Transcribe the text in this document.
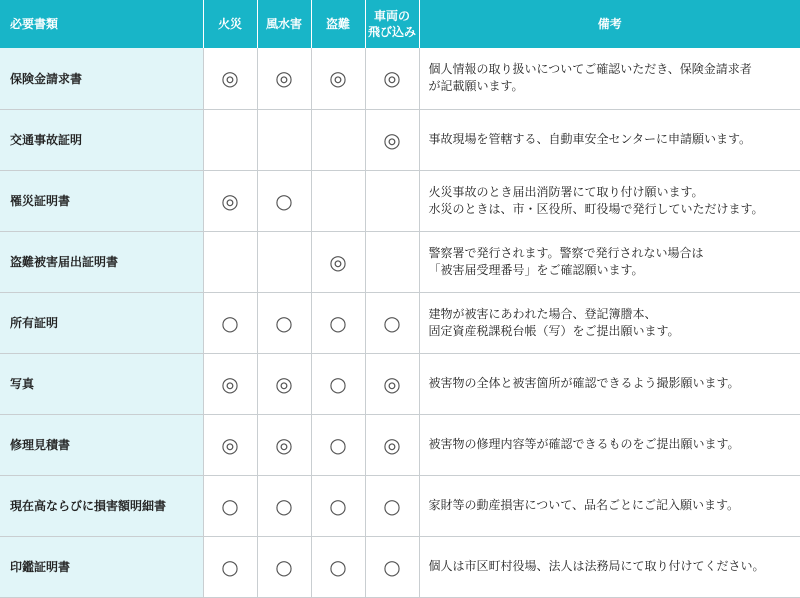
必要書類	火災	風水害	盗難	車両の
飛び込み	備考
保険金請求書	◎	◎	◎	◎	個人情報の取り扱いについてご確認いただき、保険金請求者
が記載願います。
交通事故証明				◎	事故現場を管轄する、自動車安全センターに申請願います。
罹災証明書	◎	○			火災事故のとき届出消防署にて取り付け願います。
水災のときは、市・区役所、町役場で発行していただけます。
盗難被害届出証明書			◎		警察署で発行されます。警察で発行されない場合は
「被害届受理番号」をご確認願います。
所有証明	○	○	○	○	建物が被害にあわれた場合、登記簿謄本、
固定資産税課税台帳（写）をご提出願います。
写真	◎	◎	○	◎	被害物の全体と被害箇所が確認できるよう撮影願います。
修理見積書	◎	◎	○	◎	被害物の修理内容等が確認できるものをご提出願います。
現在高ならびに損害額明細書	○	○	○	○	家財等の動産損害について、品名ごとにご記入願います。
印鑑証明書	○	○	○	○	個人は市区町村役場、法人は法務局にて取り付けてください。
